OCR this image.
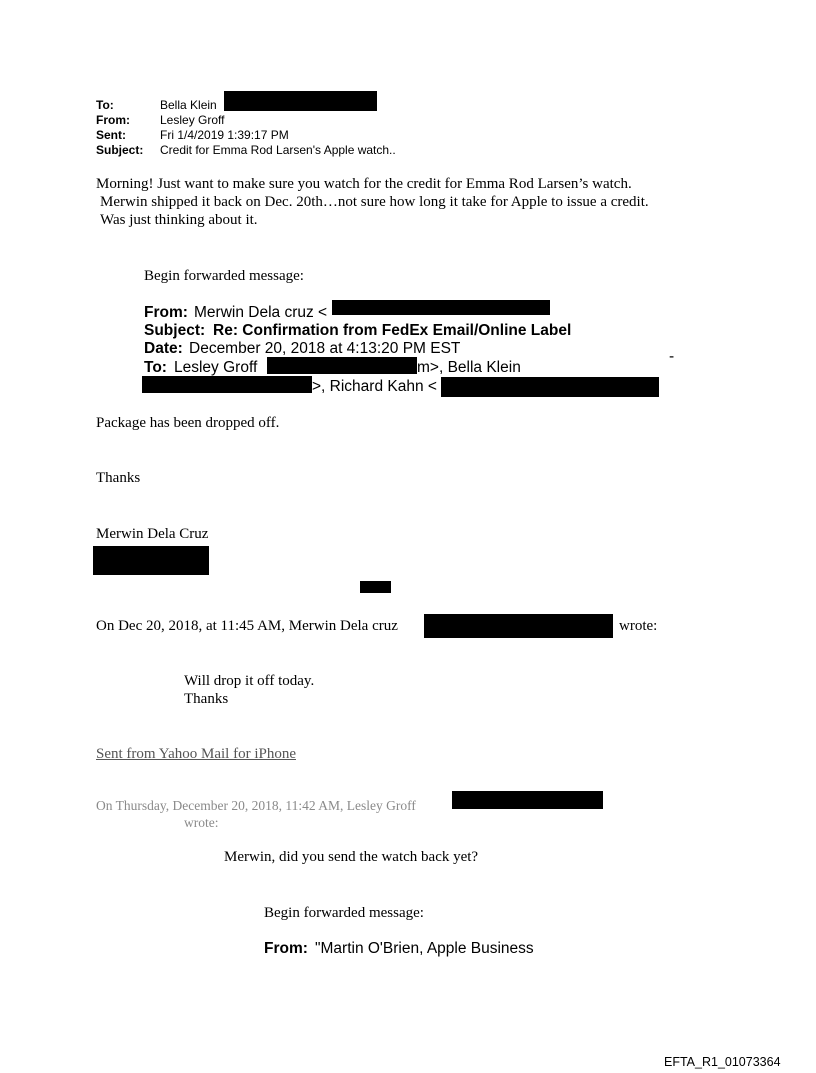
To:	Bella Klein
From:	Lesley Groff
Sent:	Fri 1/4/2019 1:39:17 PM
Subject: Credit for Emma Rod Larsen's Apple watch..
Morning! Just want to make sure you watch for the credit for Emma Rod Larsen’s watch.
Merwin shipped it back on Dec. 20th…not sure how long it take for Apple to issue a credit.
Was just thinking about it.
Begin forwarded message:
From: Merwin Dela cruz <
Subject: Re: Confirmation from FedEx Email/Online Label
Date: December 20, 2018 at 4:13:20 PM EST
To: Lesley Groff	m>, Bella Klein
-
>, Richard Kahn <
Package has been dropped off.
Thanks
Merwin Dela Cruz
On Dec 20, 2018, at 11:45 AM, Merwin Dela cruz	wrote:
Will drop it off today.
Thanks
Sent from Yahoo Mail for iPhone
On Thursday, December 20, 2018, 11:42 AM, Lesley Groff
wrote:
Merwin, did you send the watch back yet?
Begin forwarded message:
From: "Martin O'Brien, Apple Business
EFTA_R1_01073364
